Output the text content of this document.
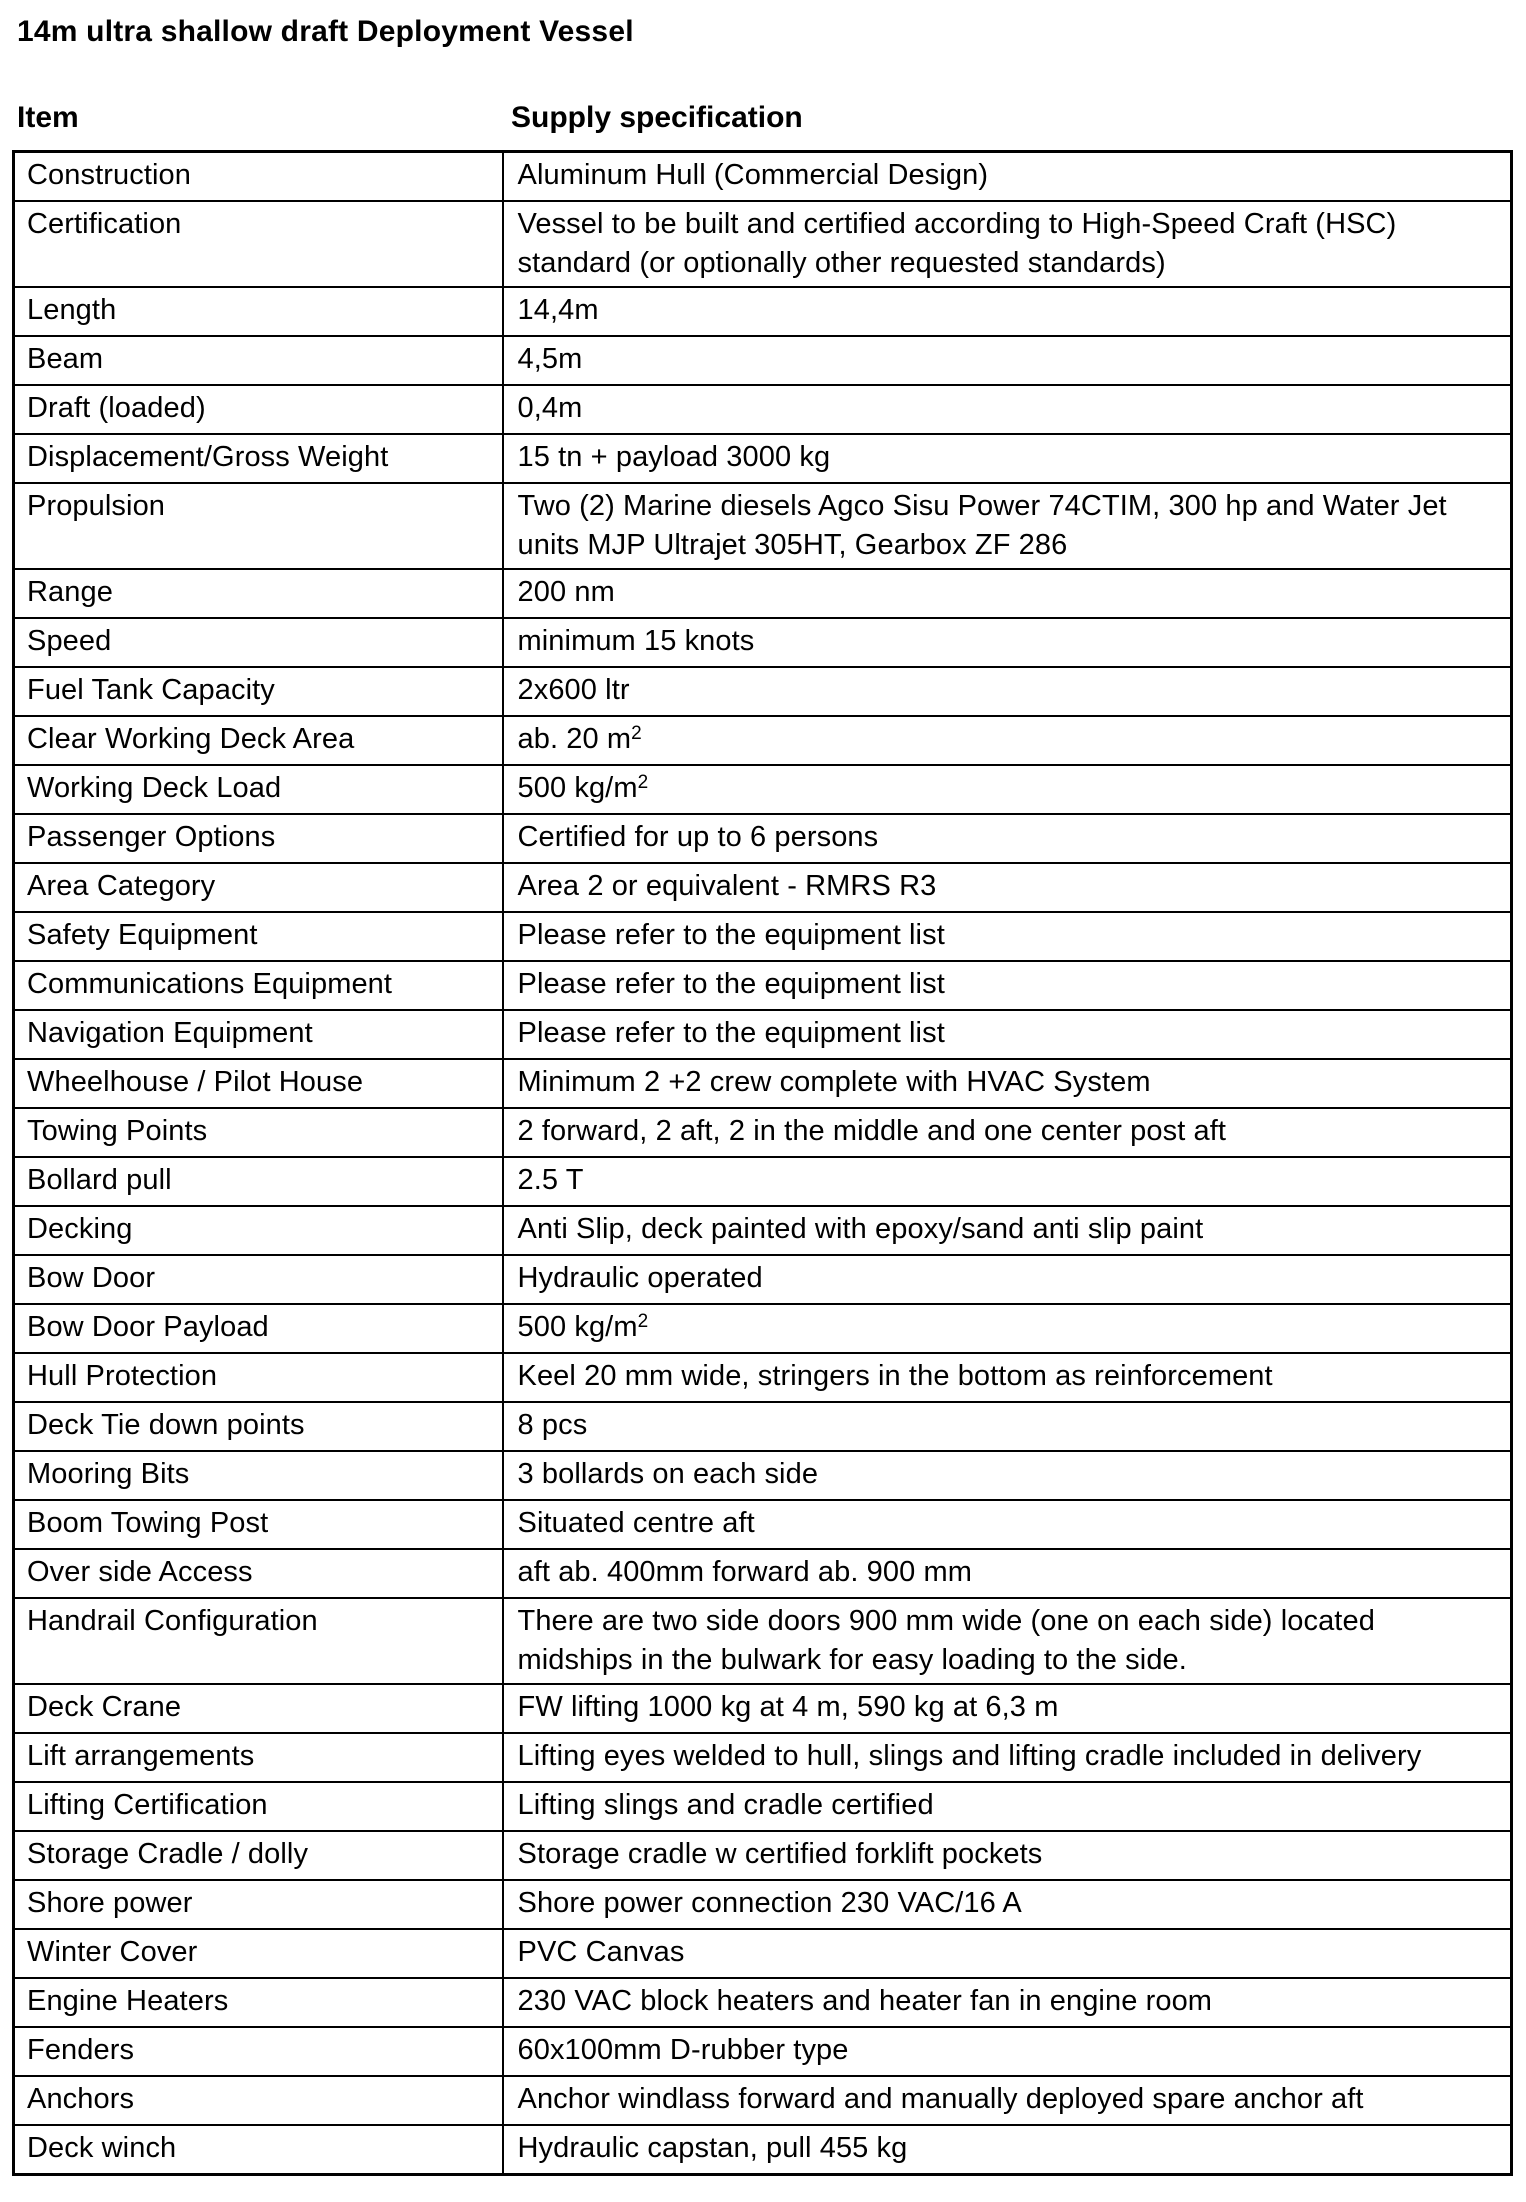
14m ultra shallow draft Deployment Vessel
Item	Supply specification
Construction	Aluminum Hull (Commercial Design)
Certification	Vessel to be built and certified according to High-Speed Craft (HSC) standard (or optionally other requested standards)
Length	14,4m
Beam	4,5m
Draft (loaded)	0,4m
Displacement/Gross Weight	15 tn + payload 3000 kg
Propulsion	Two (2) Marine diesels Agco Sisu Power 74CTIM, 300 hp and Water Jet units MJP Ultrajet 305HT, Gearbox ZF 286
Range	200 nm
Speed	minimum 15 knots
Fuel Tank Capacity	2x600 ltr
Clear Working Deck Area	ab. 20 $m^2$
Working Deck Load	500 $kg/m^2$
Passenger Options	Certified for up to 6 persons
Area Category	Area 2 or equivalent - RMRS R3
Safety Equipment	Please refer to the equipment list
Communications Equipment	Please refer to the equipment list
Navigation Equipment	Please refer to the equipment list
Wheelhouse / Pilot House	Minimum 2 +2 crew complete with HVAC System
Towing Points	2 forward, 2 aft, 2 in the middle and one center post aft
Bollard pull	2.5 T
Decking	Anti Slip, deck painted with epoxy/sand anti slip paint
Bow Door	Hydraulic operated
Bow Door Payload	500 $kg/m^2$
Hull Protection	Keel 20 mm wide, stringers in the bottom as reinforcement
Deck Tie down points	8 pcs
Mooring Bits	3 bollards on each side
Boom Towing Post	Situated centre aft
Over side Access	aft ab. 400mm forward ab. 900 mm
Handrail Configuration	There are two side doors 900 mm wide (one on each side) located midships in the bulwark for easy loading to the side.
Deck Crane	FW lifting 1000 kg at 4 m, 590 kg at 6,3 m
Lift arrangements	Lifting eyes welded to hull, slings and lifting cradle included in delivery
Lifting Certification	Lifting slings and cradle certified
Storage Cradle / dolly	Storage cradle w certified forklift pockets
Shore power	Shore power connection 230 VAC/16 A
Winter Cover	PVC Canvas
Engine Heaters	230 VAC block heaters and heater fan in engine room
Fenders	60x100mm D-rubber type
Anchors	Anchor windlass forward and manually deployed spare anchor aft
Deck winch	Hydraulic capstan, pull 455 kg
